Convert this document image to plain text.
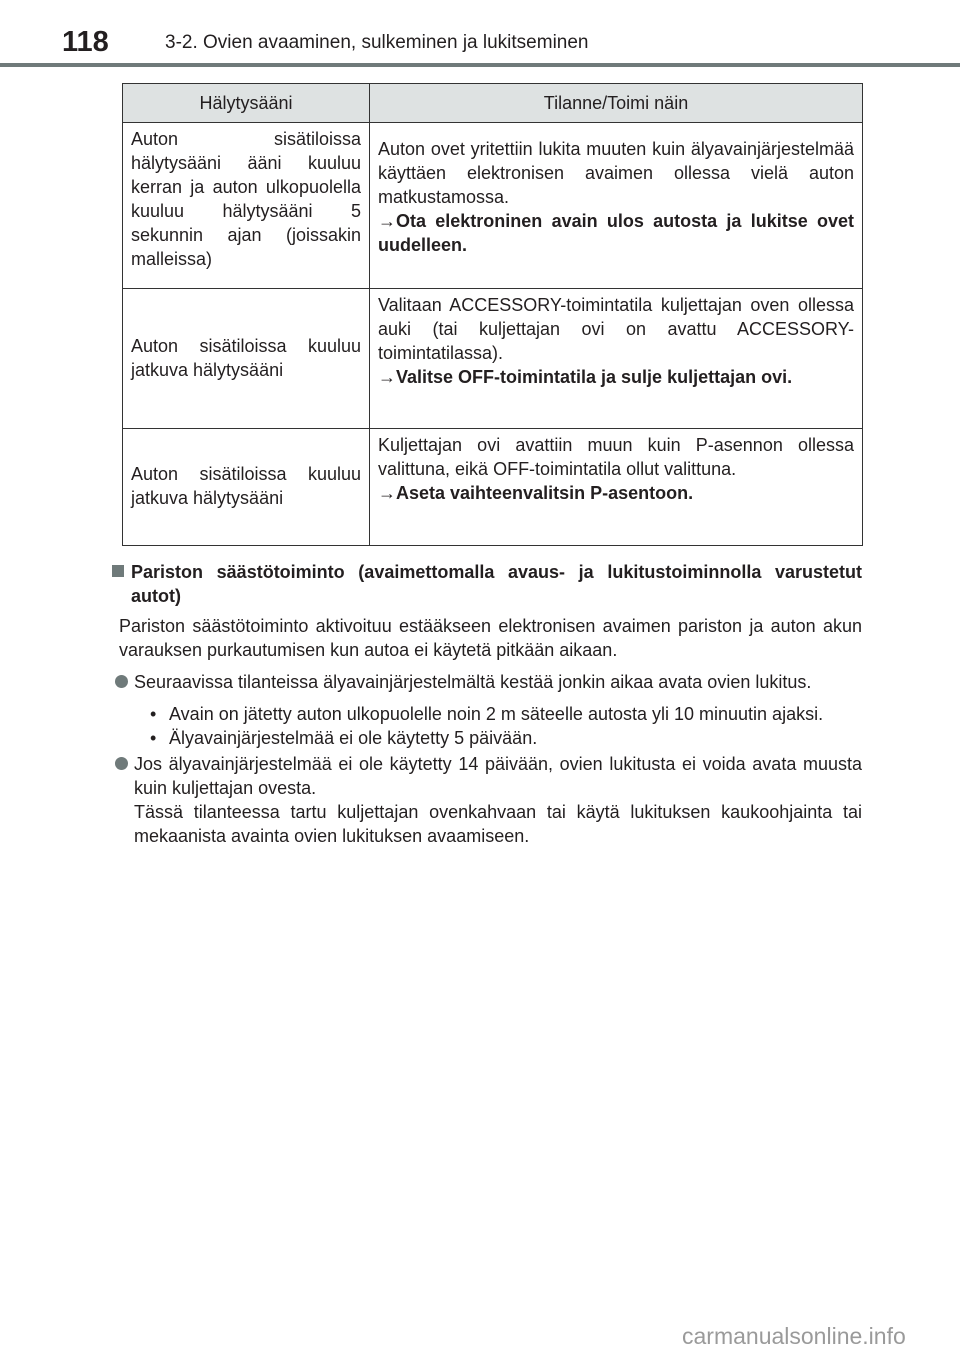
118	3-2. Ovien avaaminen, sulkeminen ja lukitseminen
Hälytysääni	Tilanne/Toimi näin
Auton sisätiloissa hälytysääni ääni kuuluu kerran ja auton ulkopuolella kuuluu hälytysääni 5 sekunnin ajan (joissakin malleissa)	Auton ovet yritettiin lukita muuten kuin älyavainjärjestelmää käyttäen elektronisen avaimen ollessa vielä auton matkustamossa.
→Ota elektroninen avain ulos autosta ja lukitse ovet uudelleen.

Auton sisätiloissa kuuluu jatkuva hälytysääni	Valitaan ACCESSORY-toimintatila kuljettajan oven ollessa auki (tai kuljettajan ovi on avattu ACCESSORY-toimintatilassa).
→Valitse OFF-toimintatila ja sulje kuljettajan ovi.

Auton sisätiloissa kuuluu jatkuva hälytysääni	Kuljettajan ovi avattiin muun kuin P-asennon ollessa valittuna, eikä OFF-toimintatila ollut valittuna.
→Aseta vaihteenvalitsin P-asentoon.
Pariston säästötoiminto (avaimettomalla avaus- ja lukitustoiminnolla varustetut autot)
Pariston säästötoiminto aktivoituu estääkseen elektronisen avaimen pariston ja auton akun varauksen purkautumisen kun autoa ei käytetä pitkään aikaan.
Seuraavissa tilanteissa älyavainjärjestelmältä kestää jonkin aikaa avata ovien lukitus.
• Avain on jätetty auton ulkopuolelle noin 2 m säteelle autosta yli 10 minuutin ajaksi.
• Älyavainjärjestelmää ei ole käytetty 5 päivään.
Jos älyavainjärjestelmää ei ole käytetty 14 päivään, ovien lukitusta ei voida avata muusta kuin kuljettajan ovesta.
Tässä tilanteessa tartu kuljettajan ovenkahvaan tai käytä lukituksen kaukoohjainta tai mekaanista avainta ovien lukituksen avaamiseen.
carmanualsonline.info
